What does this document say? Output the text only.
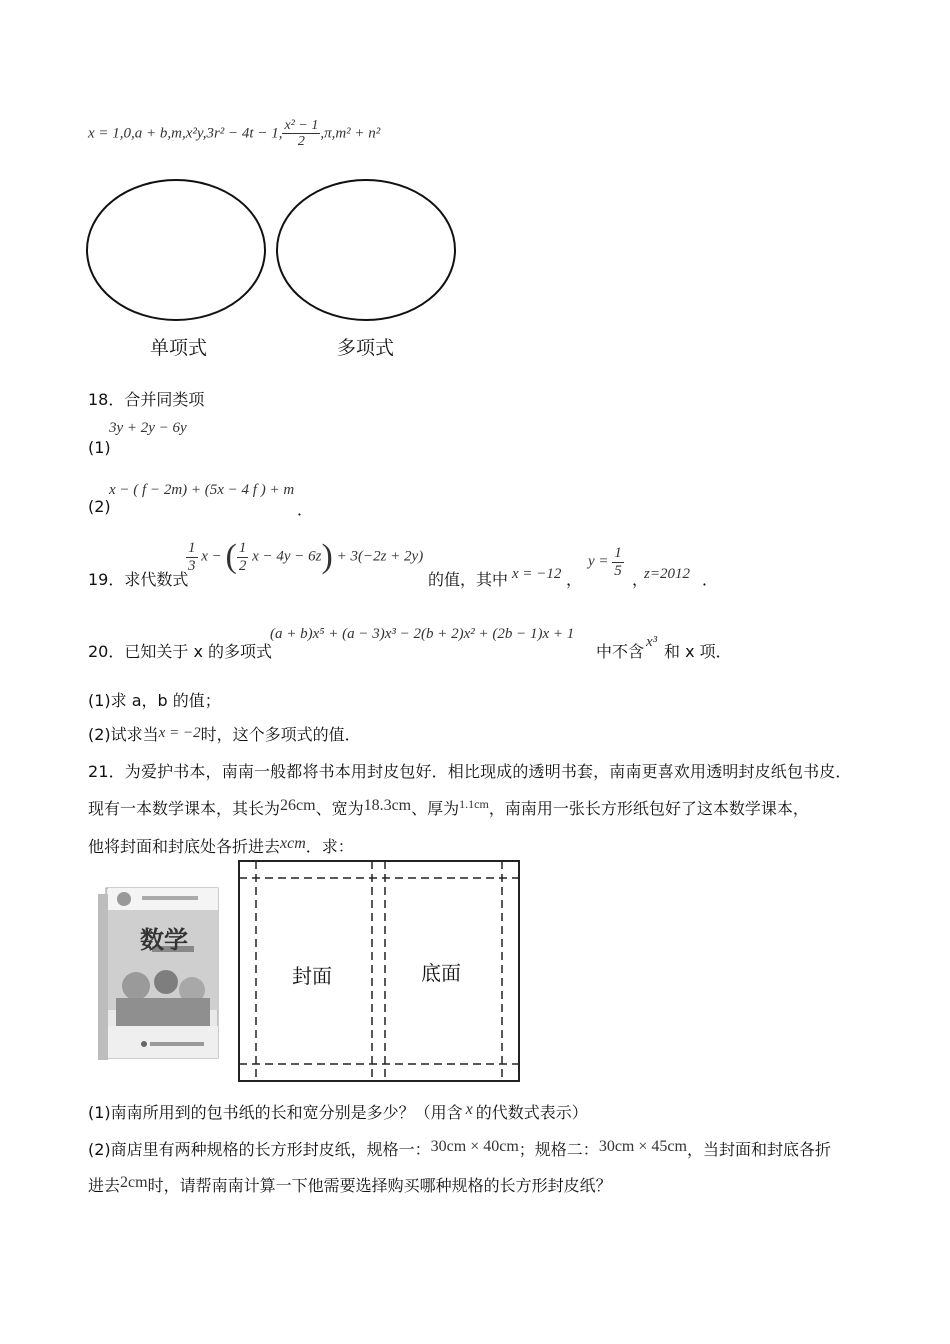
x = 1,0,a + b,m,x²y,3r² − 4t − 1, $\frac{\text{x² − 1}}{2} ,\pi,m^2 + n^2$
单项式	多项式
18．合并同类项
(1)
3y + 2y − 6y
(2)
x − ( f − 2m) + (5x − 4 f ) + m
．
19．求代数式
$\frac{1}{3}$ x − ( $\frac{1}{2}$ x − 4y − 6z) + 3(−2z + 2y)
的值，其中 x = −12 ，
$y = \frac{1}{5}$
，
z=2012 ．
20．已知关于 x 的多项式
(a + b)x⁵ + (a − 3)x³ − 2(b + 2)x² + (2b − 1)x + 1
中不含 x³ 和 x 项．
(1)求 a，b 的值；
(2)试求当x = −2时，这个多项式的值．
21．为爱护书本，南南一般都将书本用封皮包好．相比现成的透明书套，南南更喜欢用透明封皮纸包书皮．
现有一本数学课本，其长为26cm、宽为18.3cm、厚为$^{1.1cm}$，南南用一张长方形纸包好了这本数学课本，
他将封面和封底处各折进去xcm．求：
数学
封面	底面
(1)南南所用到的包书纸的长和宽分别是多少？（用含 x 的代数式表示）
(2)商店里有两种规格的长方形封皮纸，规格一：30cm × 40cm；规格二：30cm × 45cm，当封面和封底各折
进去2cm时，请帮南南计算一下他需要选择购买哪种规格的长方形封皮纸？
